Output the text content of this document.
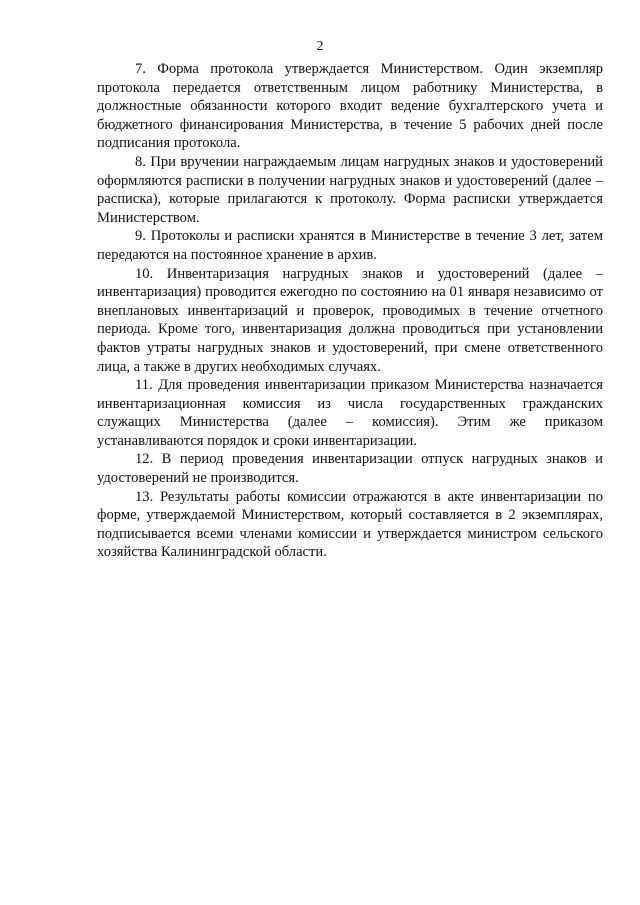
2

7. Форма протокола утверждается Министерством. Один экземпляр протокола передается ответственным лицом работнику Министерства, в должностные обязанности которого входит ведение бухгалтерского учета и бюджетного финансирования Министерства, в течение 5 рабочих дней после подписания протокола.

8. При вручении награждаемым лицам нагрудных знаков и удостоверений оформляются расписки в получении нагрудных знаков и удостоверений (далее – расписка), которые прилагаются к протоколу. Форма расписки утверждается Министерством.

9. Протоколы и расписки хранятся в Министерстве в течение 3 лет, затем передаются на постоянное хранение в архив.

10. Инвентаризация нагрудных знаков и удостоверений (далее – инвентаризация) проводится ежегодно по состоянию на 01 января независимо от внеплановых инвентаризаций и проверок, проводимых в течение отчетного периода. Кроме того, инвентаризация должна проводиться при установлении фактов утраты нагрудных знаков и удостоверений, при смене ответственного лица, а также в других необходимых случаях.

11. Для проведения инвентаризации приказом Министерства назначается инвентаризационная комиссия из числа государственных гражданских служащих Министерства (далее – комиссия). Этим же приказом устанавливаются порядок и сроки инвентаризации.

12. В период проведения инвентаризации отпуск нагрудных знаков и удостоверений не производится.

13. Результаты работы комиссии отражаются в акте инвентаризации по форме, утверждаемой Министерством, который составляется в 2 экземплярах, подписывается всеми членами комиссии и утверждается министром сельского хозяйства Калининградской области.
